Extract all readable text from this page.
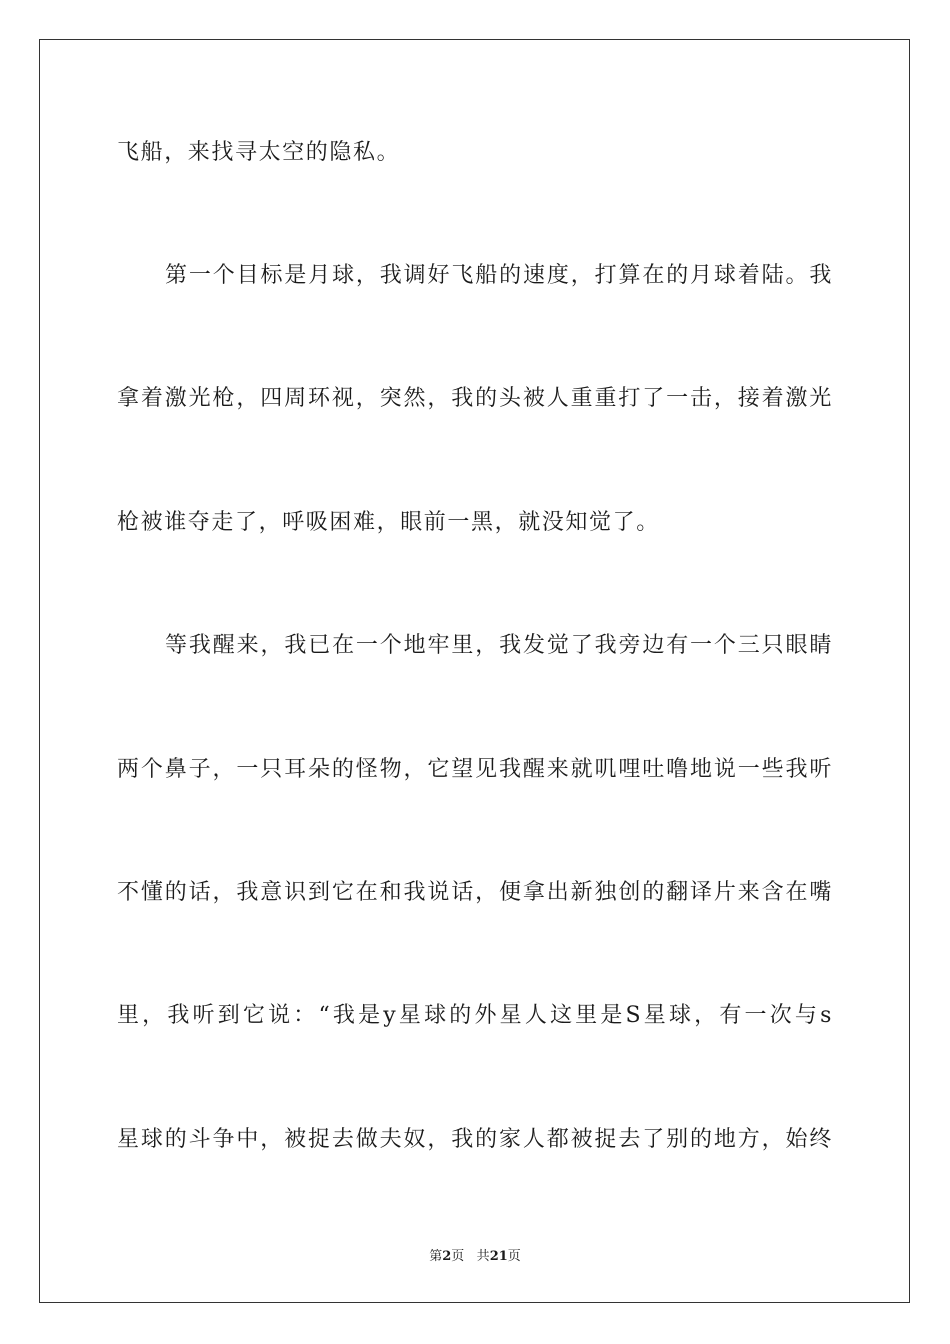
飞船，来找寻太空的隐私。
第一个目标是月球，我调好飞船的速度，打算在的月球着陆。我
拿着激光枪，四周环视，突然，我的头被人重重打了一击，接着激光
枪被谁夺走了，呼吸困难，眼前一黑，就没知觉了。
等我醒来，我已在一个地牢里，我发觉了我旁边有一个三只眼睛
两个鼻子，一只耳朵的怪物，它望见我醒来就叽哩吐噜地说一些我听
不懂的话，我意识到它在和我说话，便拿出新独创的翻译片来含在嘴
里，我听到它说：“我是y星球的外星人这里是S星球，有一次与s
星球的斗争中，被捉去做夫奴，我的家人都被捉去了别的地方，始终
第2页 共21页
